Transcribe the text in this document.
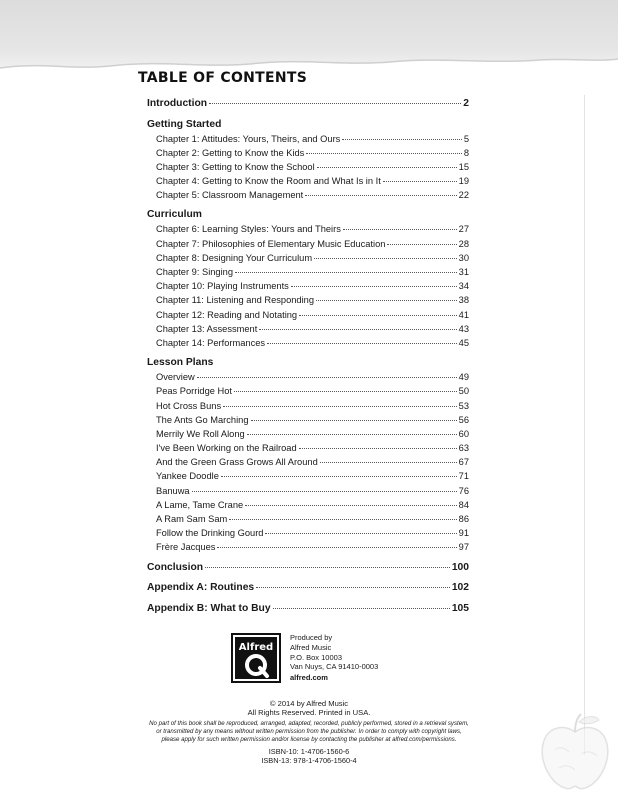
TABLE OF CONTENTS
Introduction	2
Getting Started
Chapter 1: Attitudes: Yours, Theirs, and Ours	5
Chapter 2: Getting to Know the Kids	8
Chapter 3: Getting to Know the School	15
Chapter 4: Getting to Know the Room and What Is in It	19
Chapter 5: Classroom Management	22
Curriculum
Chapter 6: Learning Styles: Yours and Theirs	27
Chapter 7: Philosophies of Elementary Music Education	28
Chapter 8: Designing Your Curriculum	30
Chapter 9: Singing	31
Chapter 10: Playing Instruments	34
Chapter 11: Listening and Responding	38
Chapter 12: Reading and Notating	41
Chapter 13: Assessment	43
Chapter 14: Performances	45
Lesson Plans
Overview	49
Peas Porridge Hot	50
Hot Cross Buns	53
The Ants Go Marching	56
Merrily We Roll Along	60
I've Been Working on the Railroad	63
And the Green Grass Grows All Around	67
Yankee Doodle	71
Banuwa	76
A Lame, Tame Crane	84
A Ram Sam Sam	86
Follow the Drinking Gourd	91
Frère Jacques	97
Conclusion	100
Appendix A: Routines	102
Appendix B: What to Buy	105
Alfred
Produced by
Alfred Music
P.O. Box 10003
Van Nuys, CA 91410-0003
alfred.com
© 2014 by Alfred Music
All Rights Reserved. Printed in USA.
No part of this book shall be reproduced, arranged, adapted, recorded, publicly performed, stored in a retrieval system,
or transmitted by any means without written permission from the publisher. In order to comply with copyright laws,
please apply for such written permission and/or license by contacting the publisher at alfred.com/permissions.
ISBN-10: 1-4706-1560-6
ISBN-13: 978-1-4706-1560-4
